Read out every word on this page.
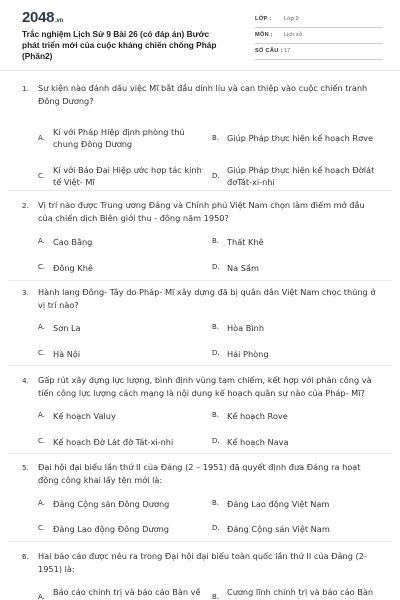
2048.vn
Trắc nghiệm Lịch Sử 9 Bài 26 (có đáp án) Bước phát triển mới của cuộc kháng chiến chống Pháp (Phần2)
LỚP : Lớp 9
MÔN : Lịch sử
SỐ CÂU : 17
1. Sự kiện nào đánh dấu việc Mĩ bắt đầu dính líu và can thiệp vào cuộc chiến tranh
Đông Dương?
A.
Kí với Pháp Hiệp định phòng thủ
chung Đông Dương
B. Giúp Pháp thực hiện kế hoạch Rơve
C.
Kí với Bảo Đại Hiệp ước hợp tác kinh
tế Việt- Mĩ
D.
Giúp Pháp thực hiện kế hoạch Đờlát
đơTát-xi-nhi
2. Vị trí nào được Trung ương Đảng và Chính phủ Việt Nam chọn làm điểm mở đầu
của chiến dịch Biên giới thu - đông năm 1950?
A. Cao Bằng	B. Thất Khê
C. Đông Khê	D. Na Sầm
3. Hành lang Đông- Tây do Pháp- Mĩ xây dựng đã bị quân dân Việt Nam chọc thủng ở
vị trí nào?
A. Sơn La	B. Hòa Bình
C. Hà Nội	D. Hải Phòng
4. Gấp rút xây dựng lực lượng, bình định vùng tạm chiếm, kết hợp với phản công và
tiến công lực lượng cách mạng là nội dung kế hoạch quân sự nào của Pháp- Mĩ?
A. Kế hoạch Valuy	B. Kế hoạch Rove
C. Kế hoạch Đờ Lát đờ Tát-xi-nhi	D. Kế hoạch Nava
5. Đại hội đại biểu lần thứ II của Đảng (2 – 1951) đã quyết định đưa Đảng ra hoạt
động công khai lấy tên mới là:
A. Đảng Cộng sản Đông Dương	B. Đảng Lao động Việt Nam
C. Đảng Lao động Đông Dương	D. Đảng Cộng sản Việt Nam
6. Hai báo cáo được nêu ra trong Đại hội đại biểu toàn quốc lần thứ II của Đảng (2-
1951) là:
A. Báo cáo chính trị và báo cáo Bàn về B. Cương lĩnh chính trị và báo cáo Bàn
